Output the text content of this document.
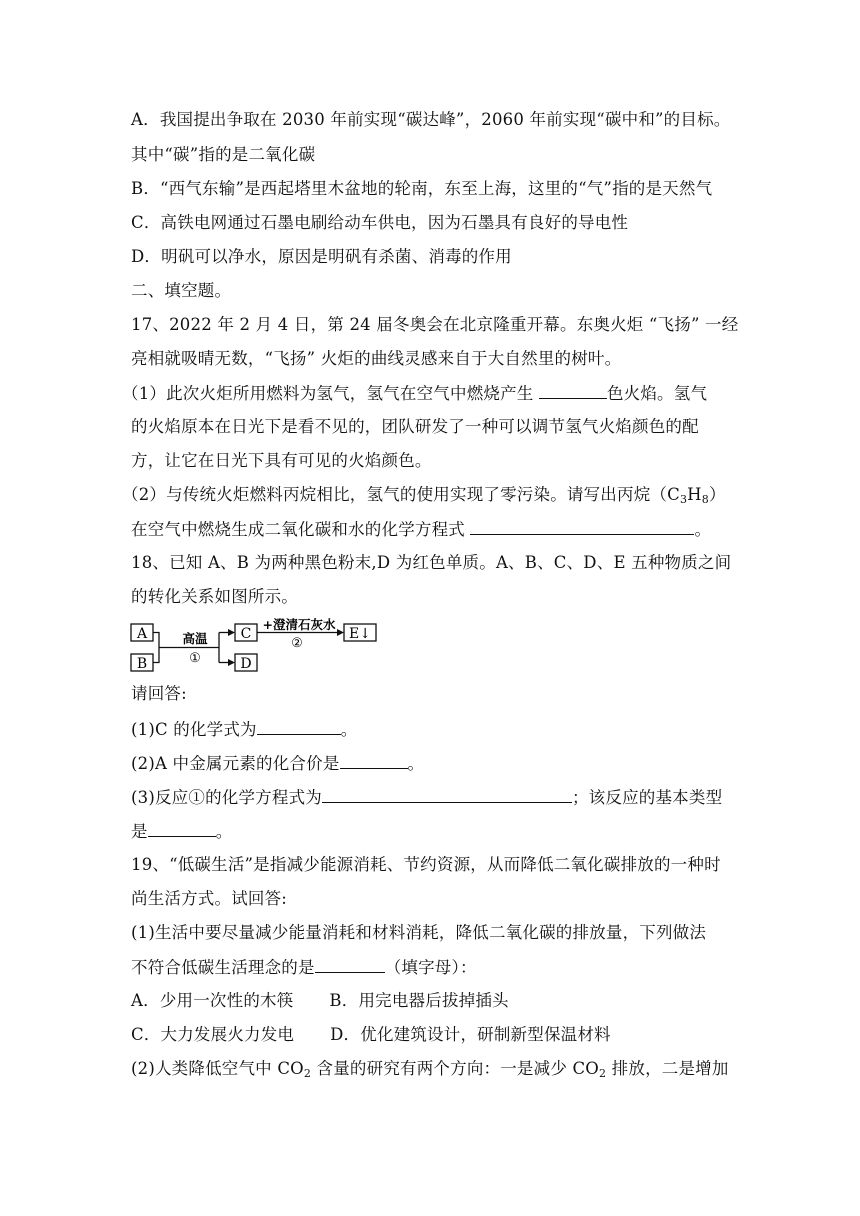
A．我国提出争取在 2030 年前实现“碳达峰”，2060 年前实现“碳中和”的目标。
其中“碳”指的是二氧化碳
B．“西气东输”是西起塔里木盆地的轮南，东至上海，这里的“气”指的是天然气
C．高铁电网通过石墨电刷给动车供电，因为石墨具有良好的导电性
D．明矾可以净水，原因是明矾有杀菌、消毒的作用
二、填空题。
17、2022 年 2 月 4 日，第 24 届冬奥会在北京隆重开幕。东奥火炬 “飞扬” 一经
亮相就吸晴无数，“飞扬” 火炬的曲线灵感来自于大自然里的树叶。
（1）此次火炬所用燃料为氢气，氢气在空气中燃烧产生	色火焰。氢气
的火焰原本在日光下是看不见的，团队研发了一种可以调节氢气火焰颜色的配
方，让它在日光下具有可见的火焰颜色。
（2）与传统火炬燃料丙烷相比，氢气的使用实现了零污染。请写出丙烷$(C_3H_8)$
在空气中燃烧生成二氧化碳和水的化学方程式	。
18、已知 A、B 为两种黑色粉末,D 为红色单质。A、B、C、D、E 五种物质之间
的转化关系如图所示。
A
B
C
D
E↓
高温
①
+澄清石灰水
②
请回答:
(1)C 的化学式为	。
(2)A 中金属元素的化合价是	。
(3)反应①的化学方程式为	；该反应的基本类型
是	。
19、“低碳生活”是指减少能源消耗、节约资源，从而降低二氧化碳排放的一种时
尚生活方式。试回答:
(1)生活中要尽量减少能量消耗和材料消耗，降低二氧化碳的排放量，下列做法
不符合低碳生活理念的是	（填字母）：
A．少用一次性的木筷 B．用完电器后拔掉插头
C．大力发展火力发电 D．优化建筑设计，研制新型保温材料
(2)人类降低空气中 $CO_2$ 含量的研究有两个方向：一是减少 $CO_2$ 排放，二是增加
